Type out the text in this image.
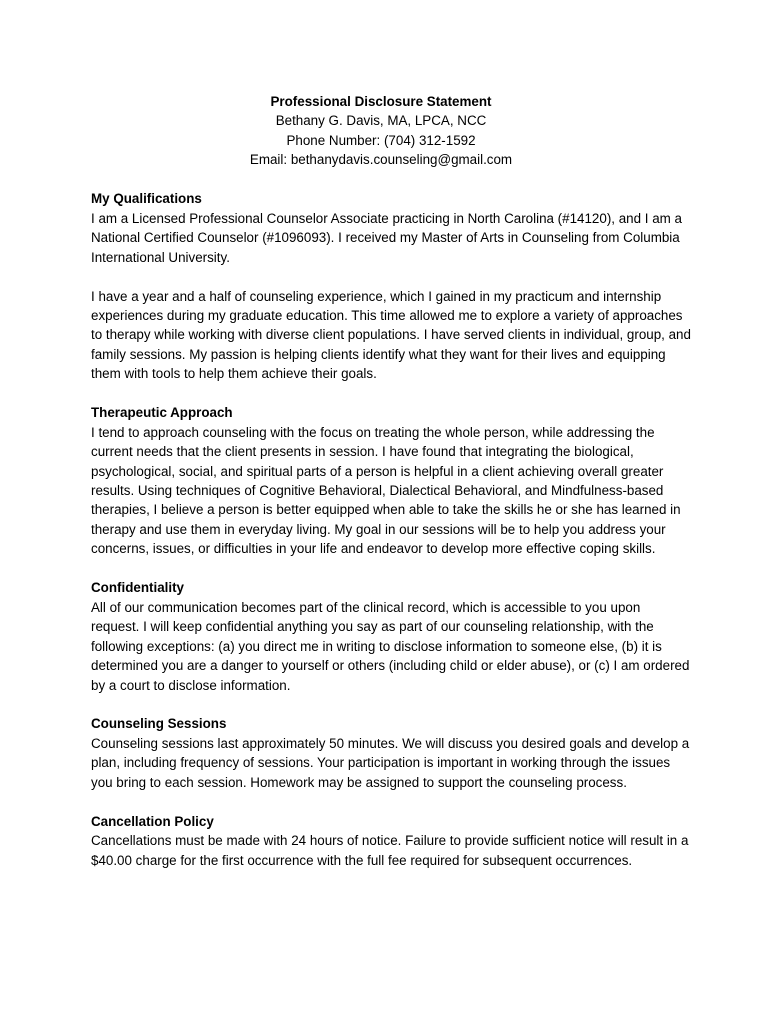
Professional Disclosure Statement
Bethany G. Davis, MA, LPCA, NCC
Phone Number: (704) 312-1592
Email: bethanydavis.counseling@gmail.com
My Qualifications

I am a Licensed Professional Counselor Associate practicing in North Carolina (#14120), and I am a National Certified Counselor (#1096093). I received my Master of Arts in Counseling from Columbia International University.

I have a year and a half of counseling experience, which I gained in my practicum and internship experiences during my graduate education. This time allowed me to explore a variety of approaches to therapy while working with diverse client populations. I have served clients in individual, group, and family sessions. My passion is helping clients identify what they want for their lives and equipping them with tools to help them achieve their goals.

Therapeutic Approach

I tend to approach counseling with the focus on treating the whole person, while addressing the current needs that the client presents in session. I have found that integrating the biological, psychological, social, and spiritual parts of a person is helpful in a client achieving overall greater results. Using techniques of Cognitive Behavioral, Dialectical Behavioral, and Mindfulness-based therapies, I believe a person is better equipped when able to take the skills he or she has learned in therapy and use them in everyday living. My goal in our sessions will be to help you address your concerns, issues, or difficulties in your life and endeavor to develop more effective coping skills.

Confidentiality

All of our communication becomes part of the clinical record, which is accessible to you upon request. I will keep confidential anything you say as part of our counseling relationship, with the following exceptions: (a) you direct me in writing to disclose information to someone else, (b) it is determined you are a danger to yourself or others (including child or elder abuse), or (c) I am ordered by a court to disclose information.

Counseling Sessions

Counseling sessions last approximately 50 minutes. We will discuss you desired goals and develop a plan, including frequency of sessions. Your participation is important in working through the issues you bring to each session. Homework may be assigned to support the counseling process.

Cancellation Policy

Cancellations must be made with 24 hours of notice. Failure to provide sufficient notice will result in a $40.00 charge for the first occurrence with the full fee required for subsequent occurrences.
